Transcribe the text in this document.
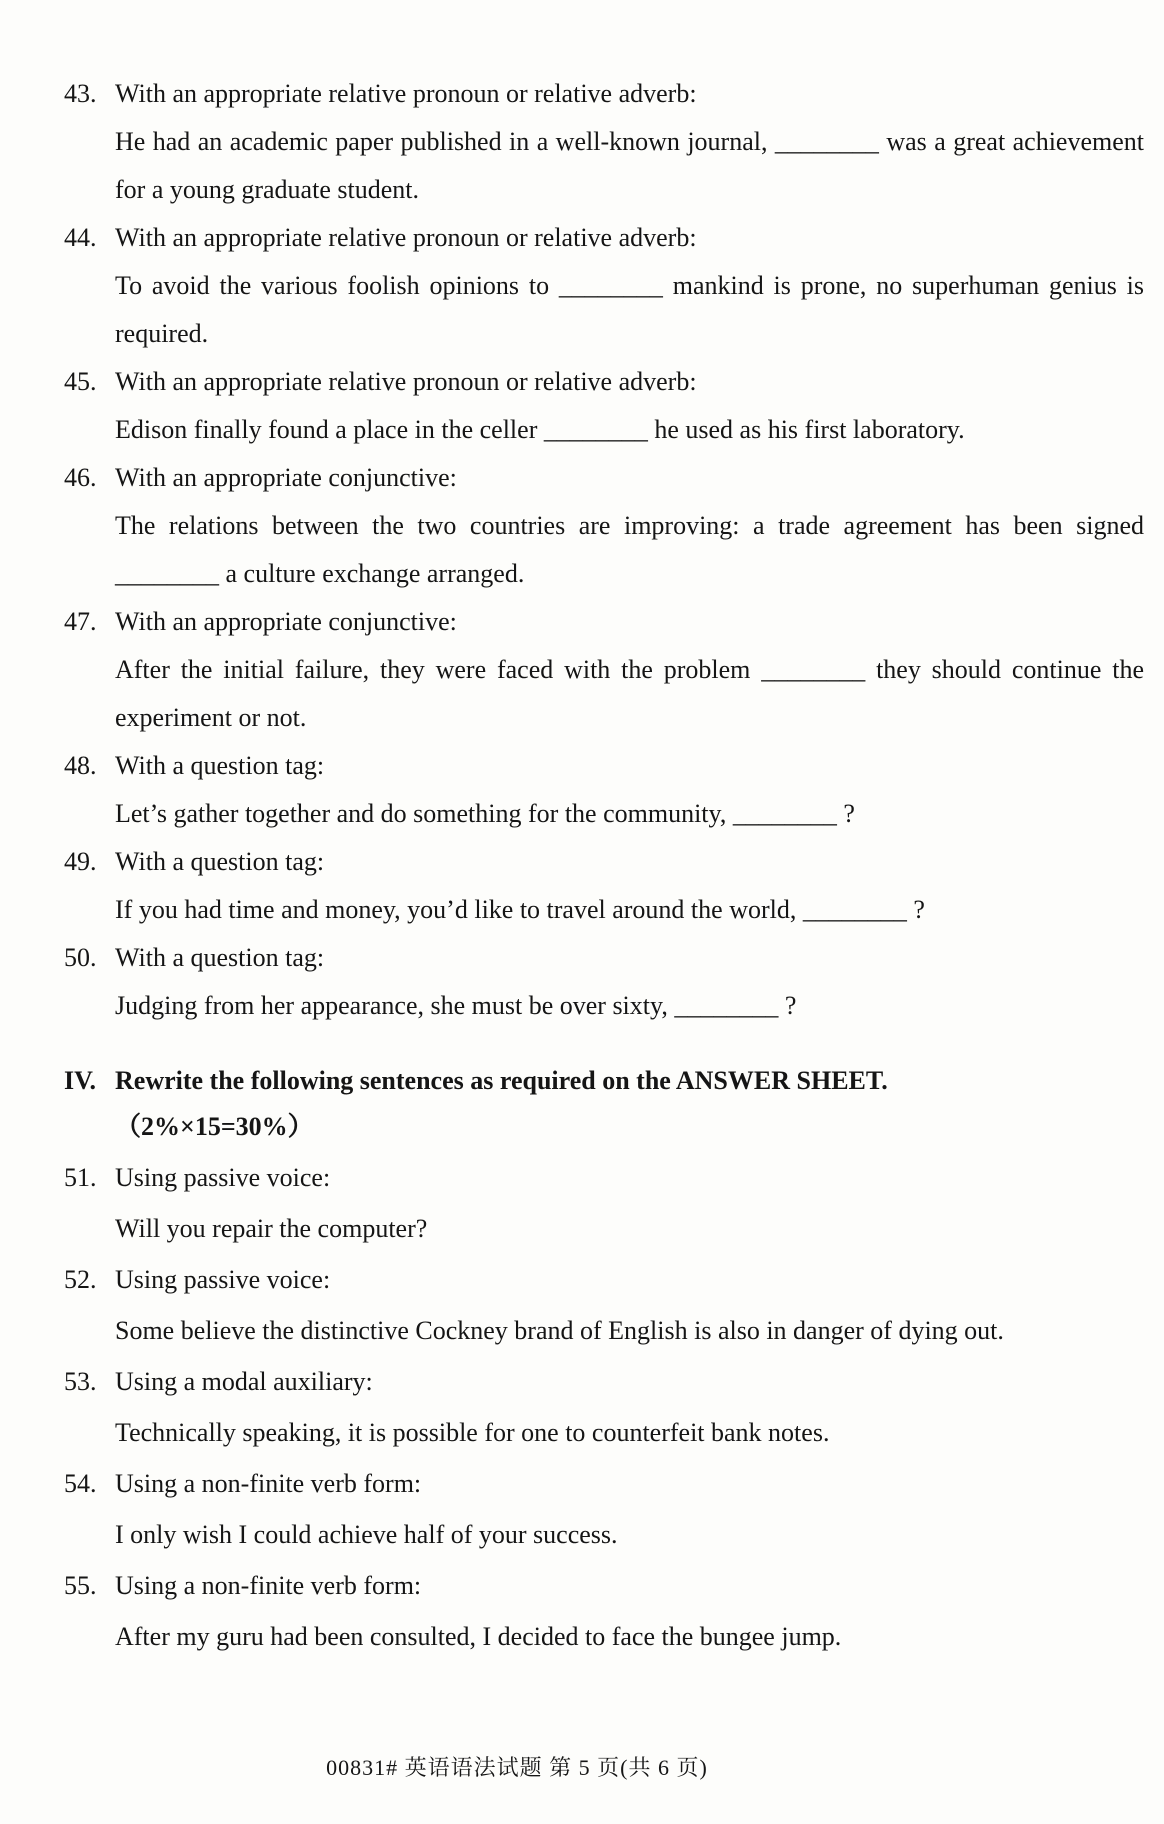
43. With an appropriate relative pronoun or relative adverb:
He had an academic paper published in a well-known journal, ________ was a great achievement for a young graduate student.
44. With an appropriate relative pronoun or relative adverb:
To avoid the various foolish opinions to ________ mankind is prone, no superhuman genius is required.
45. With an appropriate relative pronoun or relative adverb:
Edison finally found a place in the celler ________ he used as his first laboratory.
46. With an appropriate conjunctive:
The relations between the two countries are improving: a trade agreement has been signed ________ a culture exchange arranged.
47. With an appropriate conjunctive:
After the initial failure, they were faced with the problem ________ they should continue the experiment or not.
48. With a question tag:
Let’s gather together and do something for the community, ________ ?
49. With a question tag:
If you had time and money, you’d like to travel around the world, ________ ?
50. With a question tag:
Judging from her appearance, she must be over sixty, ________ ?
IV. Rewrite the following sentences as required on the ANSWER SHEET.
（2%×15=30%）
51. Using passive voice:
Will you repair the computer?
52. Using passive voice:
Some believe the distinctive Cockney brand of English is also in danger of dying out.
53. Using a modal auxiliary:
Technically speaking, it is possible for one to counterfeit bank notes.
54. Using a non-finite verb form:
I only wish I could achieve half of your success.
55. Using a non-finite verb form:
After my guru had been consulted, I decided to face the bungee jump.
00831# 英语语法试题 第 5 页(共 6 页)
